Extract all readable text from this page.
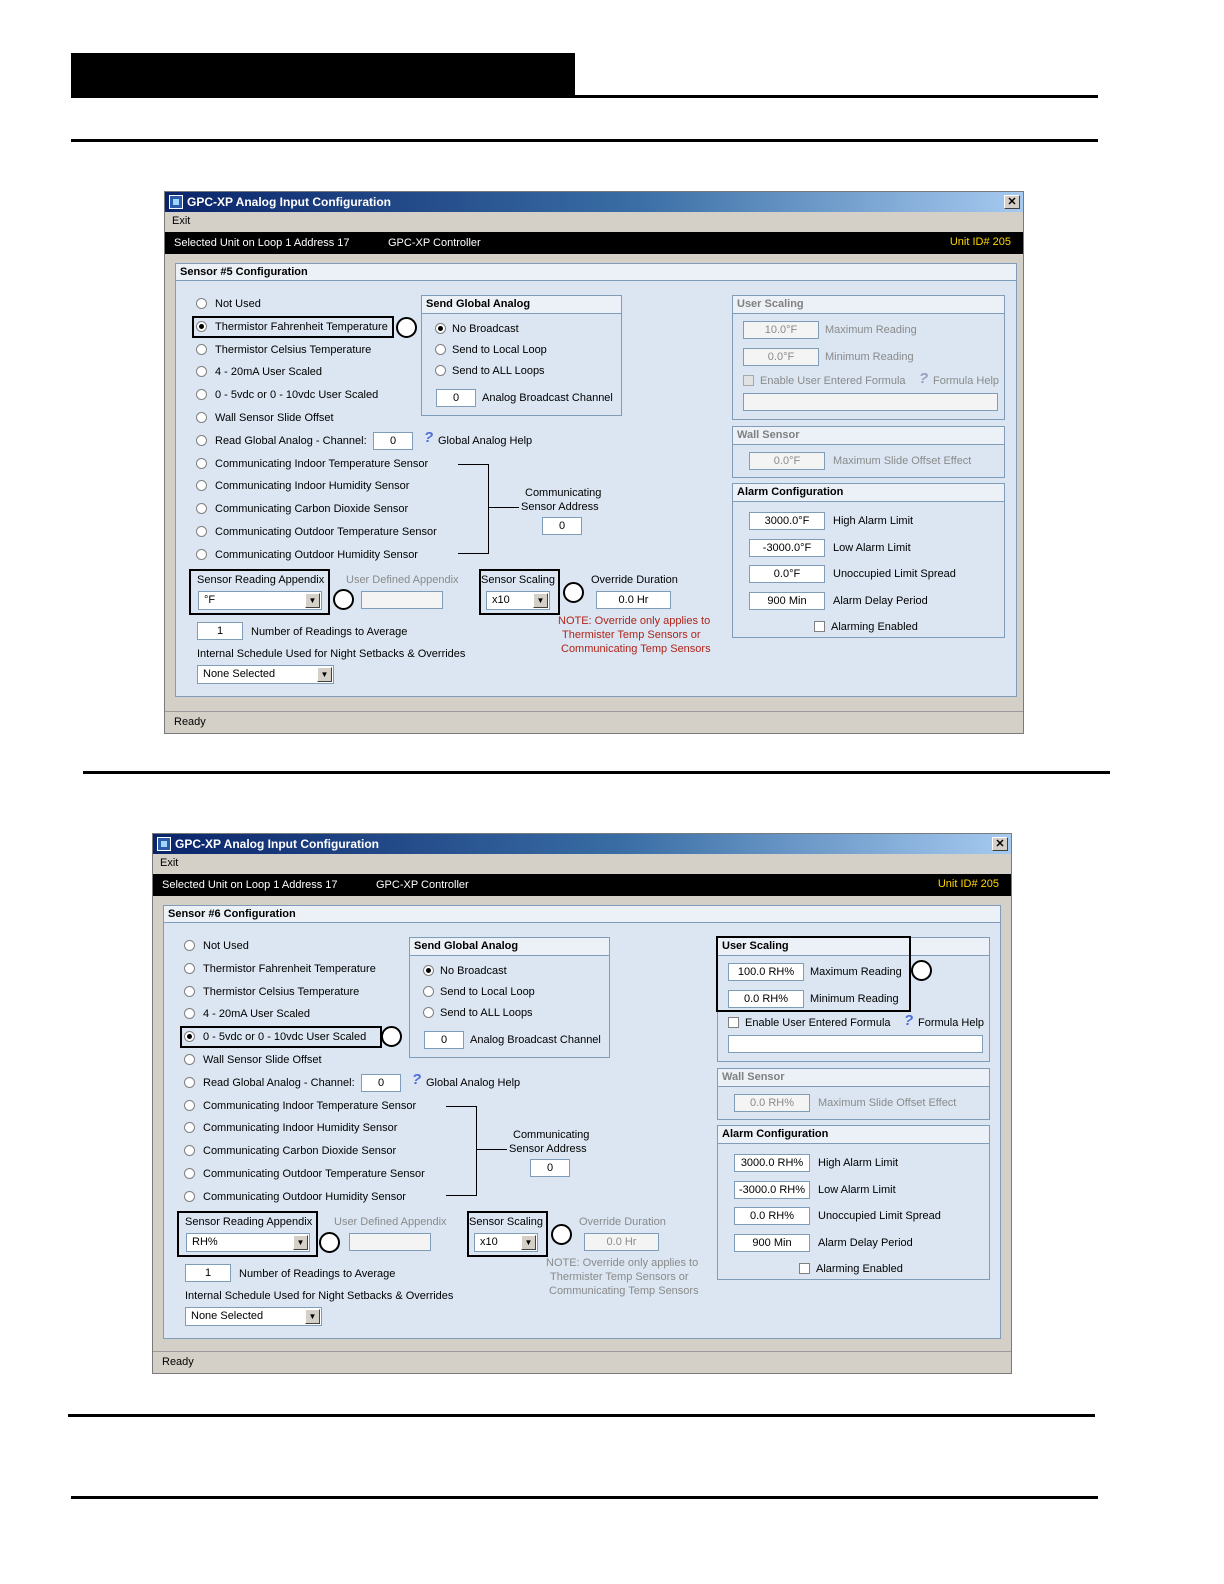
GPC-XP Analog Input Configuration	✕
Exit
Selected Unit on Loop 1 Address 17	GPC-XP Controller	Unit ID# 205
Sensor #5 Configuration
Not Used
Thermistor Fahrenheit Temperature
Thermistor Celsius Temperature
4 - 20mA User Scaled
0 - 5vdc or 0 - 10vdc User Scaled
Wall Sensor Slide Offset
Read Global Analog - Channel:	0	? Global Analog Help
Communicating Indoor Temperature Sensor
Communicating Indoor Humidity Sensor
Communicating Carbon Dioxide Sensor
Communicating Outdoor Temperature Sensor
Communicating Outdoor Humidity Sensor
Communicating
Sensor Address
0
Send Global Analog
No Broadcast
Send to Local Loop
Send to ALL Loops
0	Analog Broadcast Channel
Sensor Reading Appendix
°F	▼
User Defined Appendix Sensor Scaling
x10	▼
Override Duration
0.0 Hr
NOTE: Override only applies to
Thermister Temp Sensors or
Communicating Temp Sensors
1	Number of Readings to Average
Internal Schedule Used for Night Setbacks & Overrides
None Selected	▼
User Scaling
10.0°F	Maximum Reading
0.0°F	Minimum Reading
Enable User Entered Formula ? Formula Help
Wall Sensor
0.0°F	Maximum Slide Offset Effect
Alarm Configuration
3000.0°F	High Alarm Limit
-3000.0°F	Low Alarm Limit
0.0°F	Unoccupied Limit Spread
900 Min	Alarm Delay Period
Alarming Enabled
Ready
GPC-XP Analog Input Configuration	✕
Exit
Selected Unit on Loop 1 Address 17	GPC-XP Controller	Unit ID# 205
Sensor #6 Configuration
Not Used
Thermistor Fahrenheit Temperature
Thermistor Celsius Temperature
4 - 20mA User Scaled
0 - 5vdc or 0 - 10vdc User Scaled
Wall Sensor Slide Offset
Read Global Analog - Channel:	0	? Global Analog Help
Communicating Indoor Temperature Sensor
Communicating Indoor Humidity Sensor
Communicating Carbon Dioxide Sensor
Communicating Outdoor Temperature Sensor
Communicating Outdoor Humidity Sensor
Communicating
Sensor Address
0
Send Global Analog
No Broadcast
Send to Local Loop
Send to ALL Loops
0	Analog Broadcast Channel
Sensor Reading Appendix
RH%	▼
User Defined Appendix Sensor Scaling
x10	▼
Override Duration
0.0 Hr
NOTE: Override only applies to
Thermister Temp Sensors or
Communicating Temp Sensors
1	Number of Readings to Average
Internal Schedule Used for Night Setbacks & Overrides
None Selected	▼
User Scaling
100.0 RH%	Maximum Reading
0.0 RH%	Minimum Reading
Enable User Entered Formula ? Formula Help
Wall Sensor
0.0 RH%	Maximum Slide Offset Effect
Alarm Configuration
3000.0 RH%	High Alarm Limit
-3000.0 RH%	Low Alarm Limit
0.0 RH%	Unoccupied Limit Spread
900 Min	Alarm Delay Period
Alarming Enabled
Ready
